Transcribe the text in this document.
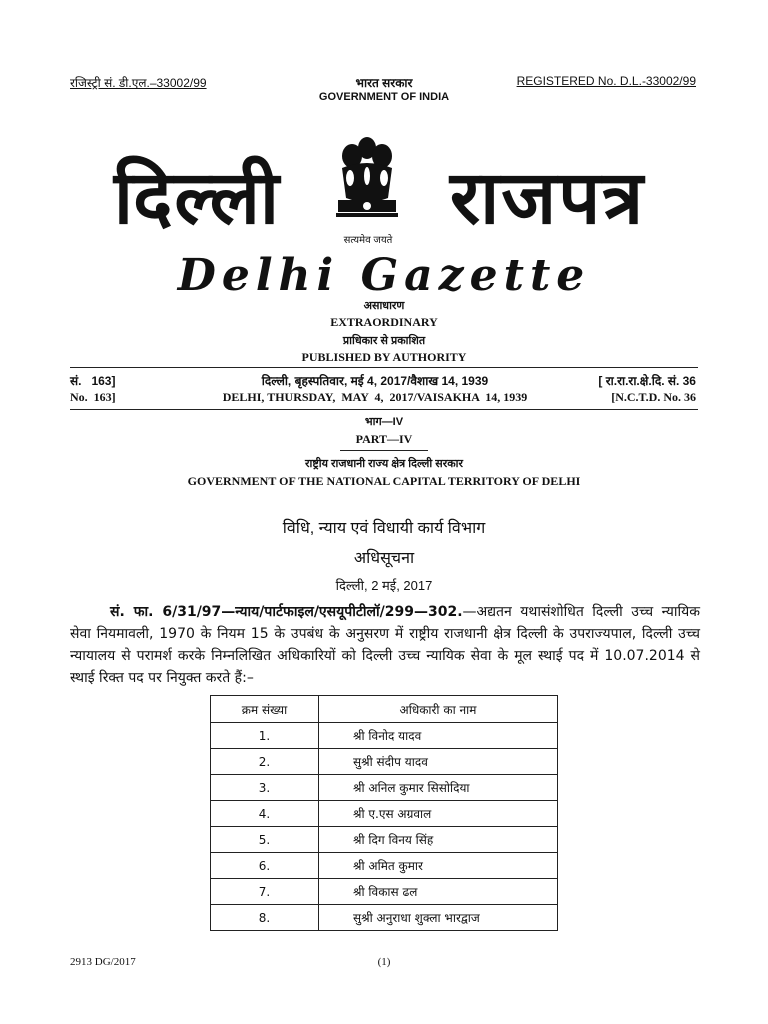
रजिस्ट्री सं. डी.एल.–33002/99	भारत सरकार
GOVERNMENT OF INDIA
REGISTERED No. D.L.-33002/99
दिल्ली	राजपत्र
सत्यमेव जयते
Delhi Gazette
असाधारण
EXTRAORDINARY
प्राधिकार से प्रकाशित
PUBLISHED BY AUTHORITY
सं.   163]	दिल्ली, बृहस्पतिवार, मई 4, 2017/वैशाख 14, 1939	[ रा.रा.रा.क्षे.दि. सं. 36
No.  163]	DELHI, THURSDAY,  MAY  4,  2017/VAISAKHA  14, 1939	[N.C.T.D. No. 36
भाग—IV
PART—IV
राष्ट्रीय राजधानी राज्य क्षेत्र दिल्ली सरकार
GOVERNMENT OF THE NATIONAL CAPITAL TERRITORY OF DELHI
विधि, न्याय एवं विधायी कार्य विभाग
अधिसूचना
दिल्ली, 2 मई, 2017
सं. फा. 6/31/97—न्याय/पार्टफाइल/एसयूपीटीलॉ/299—302.—अद्यतन यथासंशोधित दिल्ली उच्च न्यायिक सेवा नियमावली, 1970 के नियम 15 के उपबंध के अनुसरण में राष्ट्रीय राजधानी क्षेत्र दिल्ली के उपराज्यपाल, दिल्ली उच्च न्यायालय से परामर्श करके निम्नलिखित अधिकारियों को दिल्ली उच्च न्यायिक सेवा के मूल स्थाई पद में 10.07.2014 से स्थाई रिक्त पद पर नियुक्त करते हैं:–
क्रम संख्या	अधिकारी का नाम
1.	श्री विनोद यादव
2.	सुश्री संदीप यादव
3.	श्री अनिल कुमार सिसोदिया
4.	श्री ए.एस अग्रवाल
5.	श्री दिग विनय सिंह
6.	श्री अमित कुमार
7.	श्री विकास ढल
8.	सुश्री अनुराधा शुक्ला भारद्वाज
2913 DG/2017	(1)
